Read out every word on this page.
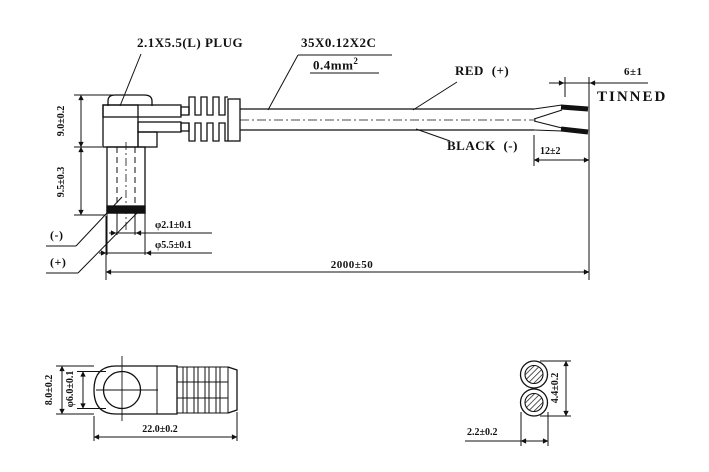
2.1X5.5(L) PLUG	35X0.12X2C
$0.4mm^2$
RED (+)
BLACK (-)
TINNED
(-)
(+)
6±1
12±2
2000±50
9.0±0.2
9.5±0.3
φ2.1±0.1
φ5.5±0.1
8.0±0.2 φ6.0±0.1
22.0±0.2
4.4±0.2
2.2±0.2
